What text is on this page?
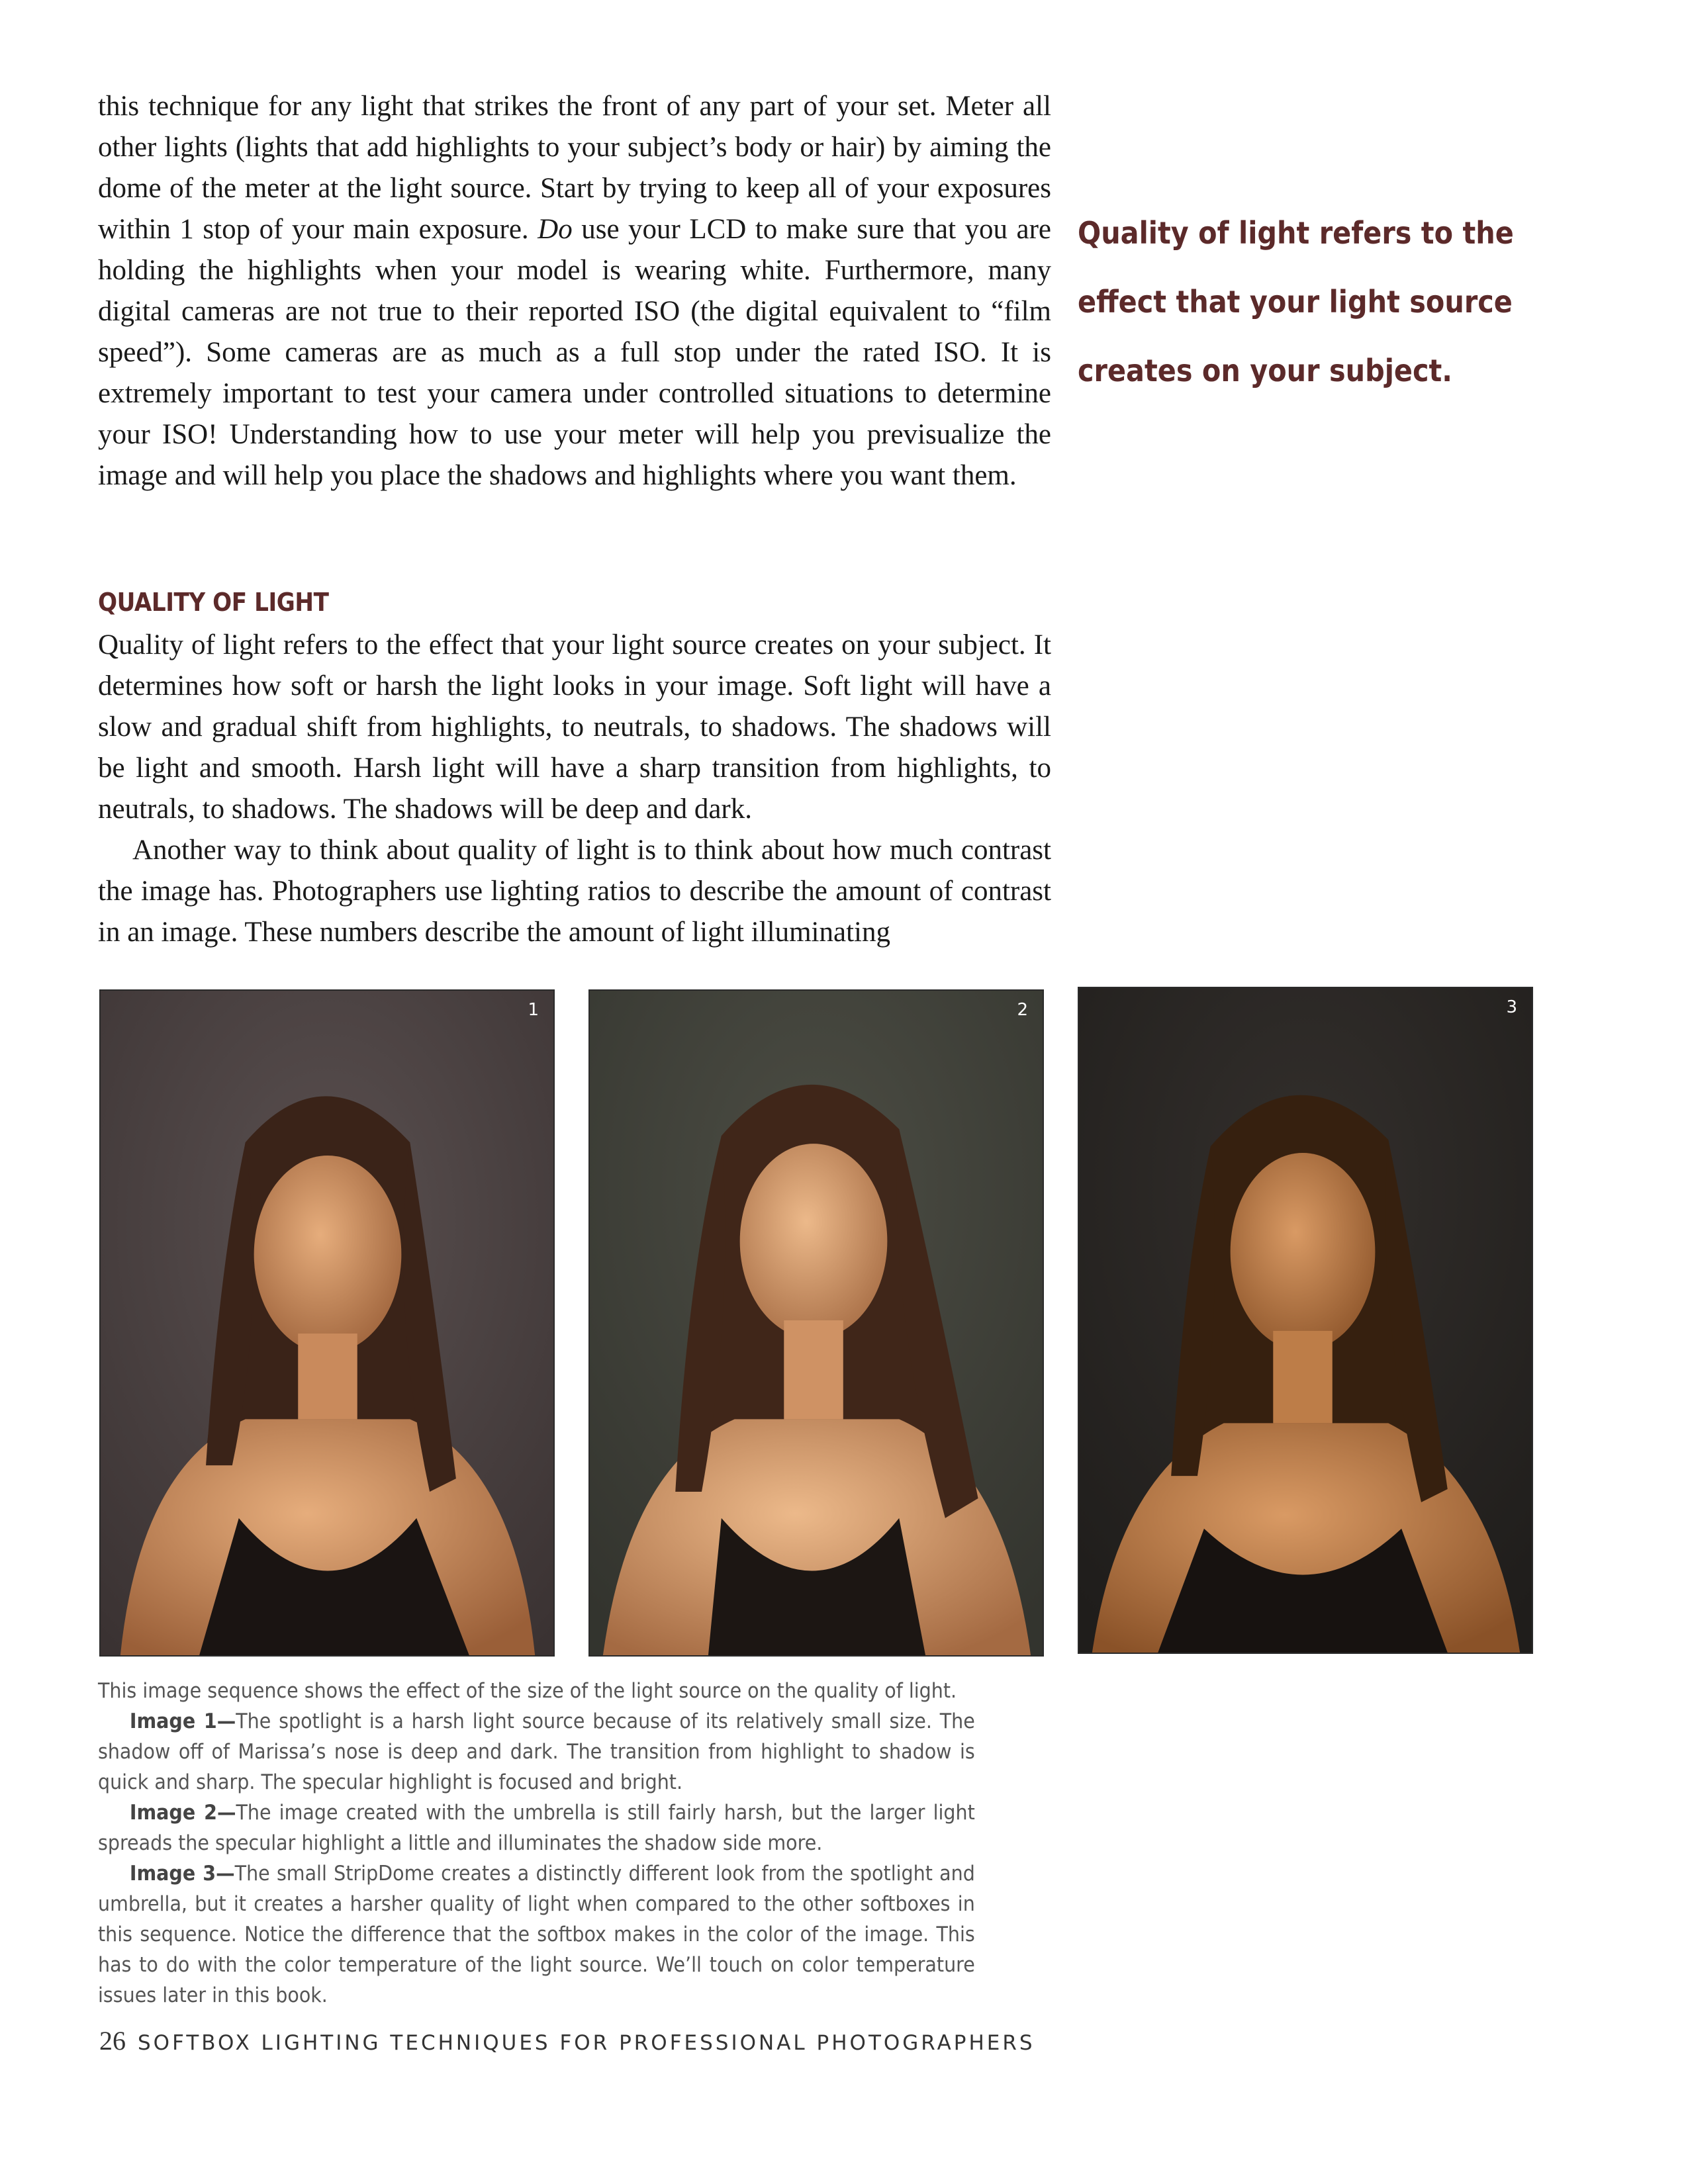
this technique for any light that strikes the front of any part of your set. Meter all other lights (lights that add highlights to your subject’s body or hair) by aiming the dome of the meter at the light source. Start by trying to keep all of your exposures within 1 stop of your main exposure. Do use your LCD to make sure that you are holding the highlights when your model is wearing white. Furthermore, many digital cameras are not true to their reported ISO (the digital equivalent to “film speed”). Some cameras are as much as a full stop under the rated ISO. It is extremely important to test your camera under controlled situations to determine your ISO! Understanding how to use your meter will help you previsualize the image and will help you place the shadows and highlights where you want them.

Quality of light refers to the effect that your light source creates on your subject.
QUALITY OF LIGHT

Quality of light refers to the effect that your light source creates on your subject. It determines how soft or harsh the light looks in your image. Soft light will have a slow and gradual shift from highlights, to neutrals, to shadows. The shadows will be light and smooth. Harsh light will have a sharp transition from highlights, to neutrals, to shadows. The shadows will be deep and dark.

Another way to think about quality of light is to think about how much contrast the image has. Photographers use lighting ratios to describe the amount of contrast in an image. These numbers describe the amount of light illuminating

1	2	3

This image sequence shows the effect of the size of the light source on the quality of light.

Image 1—The spotlight is a harsh light source because of its relatively small size. The shadow off of Marissa’s nose is deep and dark. The transition from highlight to shadow is quick and sharp. The specular highlight is focused and bright.

Image 2—The image created with the umbrella is still fairly harsh, but the larger light spreads the specular highlight a little and illuminates the shadow side more.

Image 3—The small StripDome creates a distinctly different look from the spotlight and umbrella, but it creates a harsher quality of light when compared to the other softboxes in this sequence. Notice the difference that the softbox makes in the color of the image. This has to do with the color temperature of the light source. We’ll touch on color temperature issues later in this book.

26 SOFTBOX LIGHTING TECHNIQUES FOR PROFESSIONAL PHOTOGRAPHERS
